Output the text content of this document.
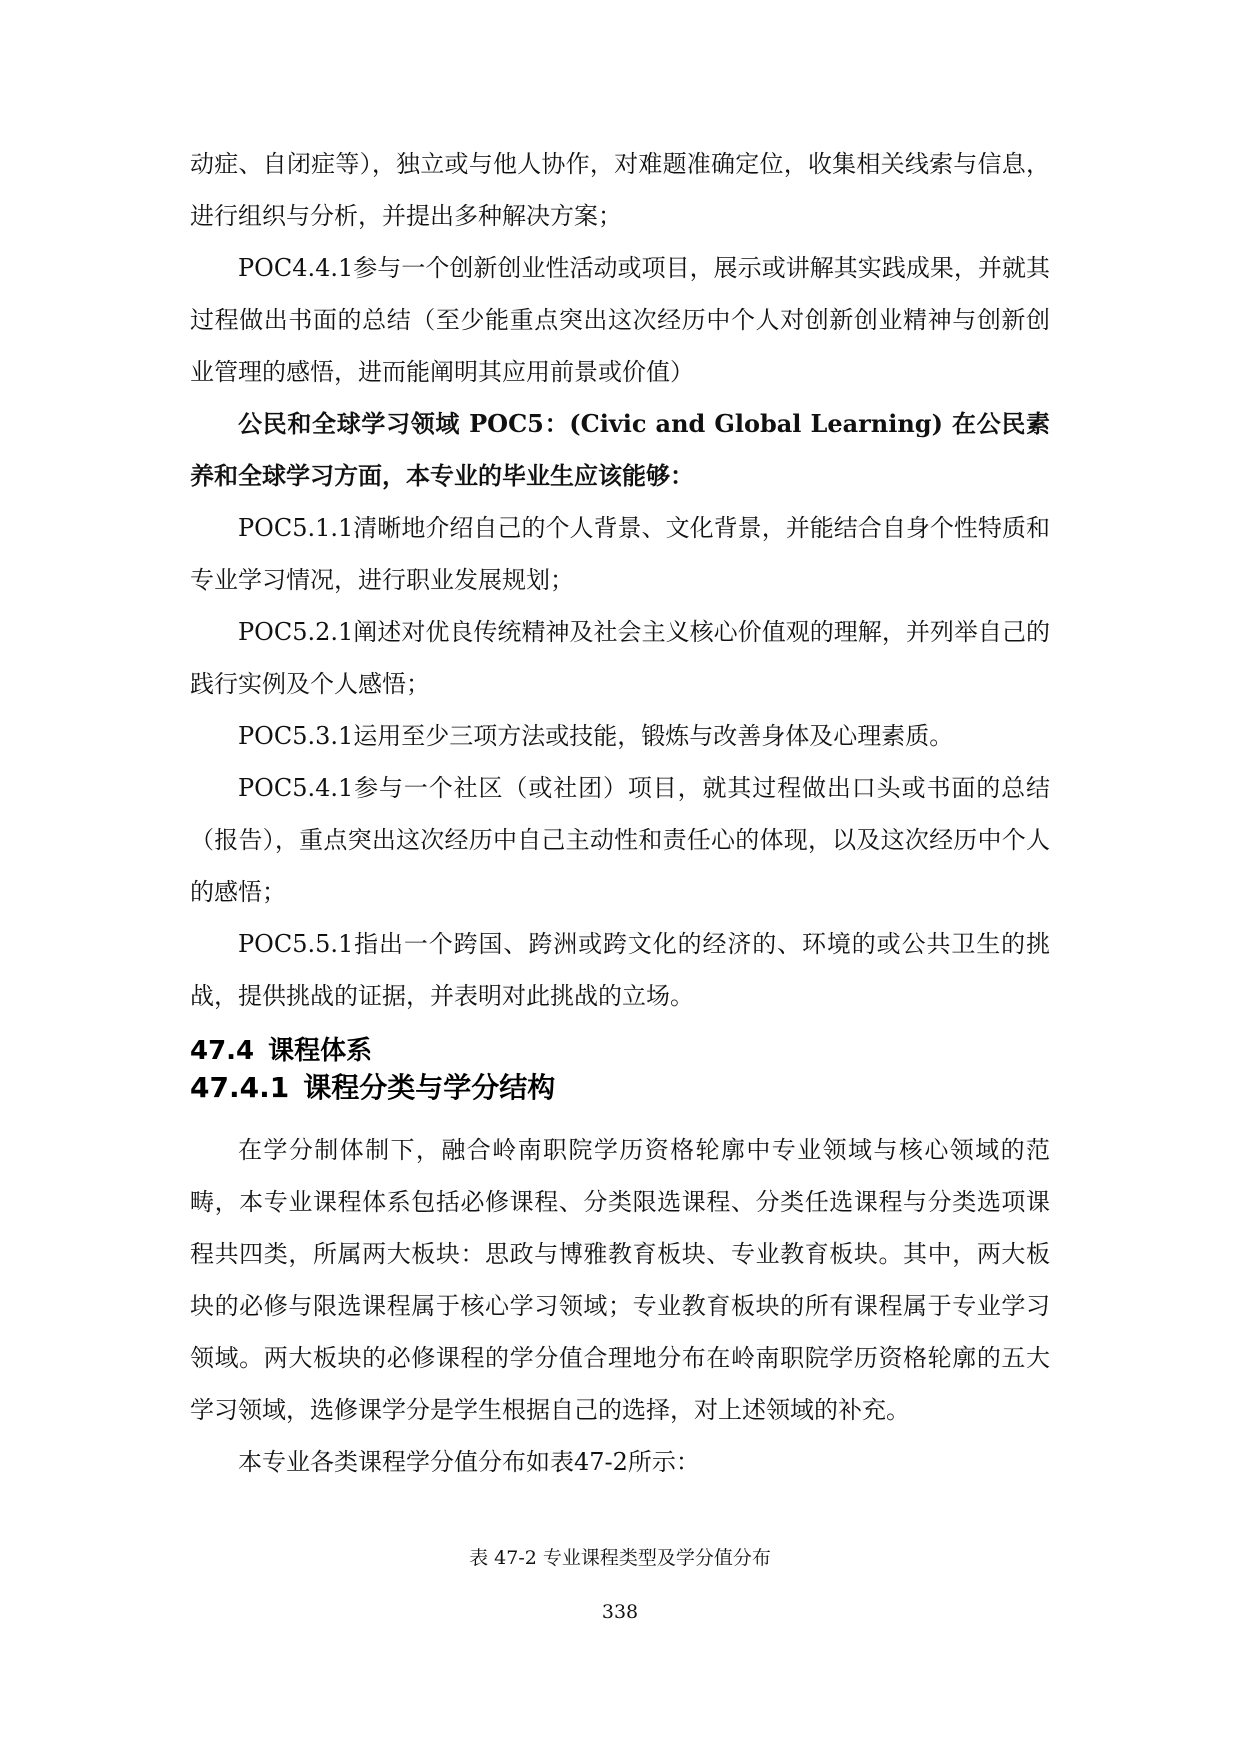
动症、自闭症等），独立或与他人协作，对难题准确定位，收集相关线索与信息，进行组织与分析，并提出多种解决方案；

POC4.4.1参与一个创新创业性活动或项目，展示或讲解其实践成果，并就其过程做出书面的总结（至少能重点突出这次经历中个人对创新创业精神与创新创业管理的感悟，进而能阐明其应用前景或价值）

公民和全球学习领域 POC5：(Civic and Global Learning) 在公民素养和全球学习方面，本专业的毕业生应该能够：

POC5.1.1清晰地介绍自己的个人背景、文化背景，并能结合自身个性特质和专业学习情况，进行职业发展规划；

POC5.2.1阐述对优良传统精神及社会主义核心价值观的理解，并列举自己的践行实例及个人感悟；

POC5.3.1运用至少三项方法或技能，锻炼与改善身体及心理素质。

POC5.4.1参与一个社区（或社团）项目，就其过程做出口头或书面的总结（报告），重点突出这次经历中自己主动性和责任心的体现，以及这次经历中个人的感悟；

POC5.5.1指出一个跨国、跨洲或跨文化的经济的、环境的或公共卫生的挑战，提供挑战的证据，并表明对此挑战的立场。

47.4 课程体系
47.4.1 课程分类与学分结构

在学分制体制下，融合岭南职院学历资格轮廓中专业领域与核心领域的范畴，本专业课程体系包括必修课程、分类限选课程、分类任选课程与分类选项课程共四类，所属两大板块：思政与博雅教育板块、专业教育板块。其中，两大板块的必修与限选课程属于核心学习领域；专业教育板块的所有课程属于专业学习领域。两大板块的必修课程的学分值合理地分布在岭南职院学历资格轮廓的五大学习领域，选修课学分是学生根据自己的选择，对上述领域的补充。

本专业各类课程学分值分布如表47-2所示：

表 47-2 专业课程类型及学分值分布

338
